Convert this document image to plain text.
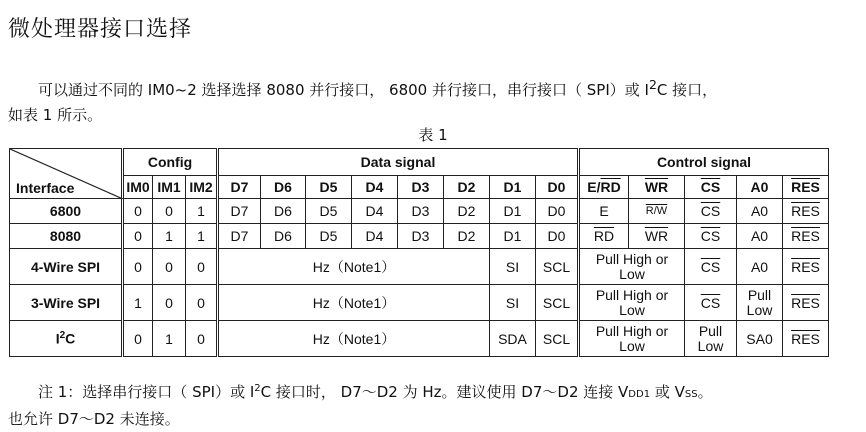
微处理器接口选择
可以通过不同的 IM0~2 选择选择 8080 并行接口， 6800 并行接口，串行接口（ SPI）或 $I^2C$ 接口，
如表 1 所示。
表 1
Interface	Config			Data signal								Control signal				
	IM0	IM1	IM2	D7	D6	D5	D4	D3	D2	D1	D0	$E/\overline{RD}$	$\overline{WR}$	$\overline{CS}$	A0	$\overline{RES}$
6800	0	0	1	D7	D6	D5	D4	D3	D2	D1	D0	E	R/W	$\overline{CS}$	A0	$\overline{RES}$
8080	0	1	1	D7	D6	D5	D4	D3	D2	D1	D0	$\overline{RD}$	$\overline{WR}$	$\overline{CS}$	A0	$\overline{RES}$
4-Wire SPI	0	0	0	Hz（Note1）						SI	SCL	Pull High or Low		$\overline{CS}$	A0	$\overline{RES}$
3-Wire SPI	1	0	0	Hz（Note1）						SI	SCL	Pull High or Low		$\overline{CS}$	Pull Low	$\overline{RES}$
$I^2C$	0	1	0	Hz（Note1）						SDA	SCL	Pull High or Low		Pull Low	SA0	$\overline{RES}$
注 1：选择串行接口（ SPI）或 $I^2C$ 接口时， D7～D2 为 Hz。建议使用 D7～D2 连接 VDD1 或 VSS。
也允许 D7～D2 未连接。
